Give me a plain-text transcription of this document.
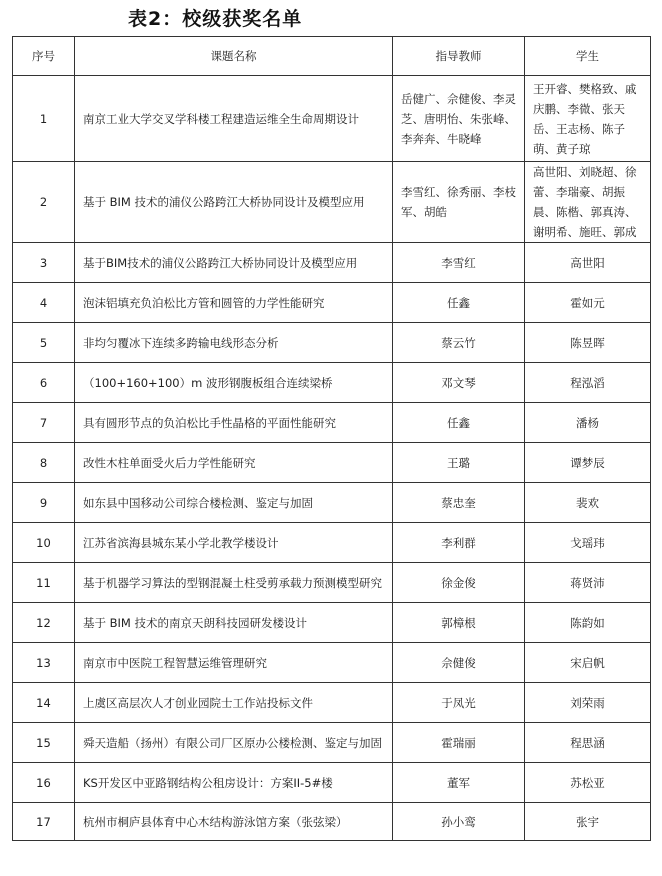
表2：校级获奖名单
序号	课题名称	指导教师	学生
1	南京工业大学交叉学科楼工程建造运维全生命周期设计	岳健广、佘健俊、李灵芝、唐明怡、朱张峰、李奔奔、牛晓峰	王开睿、樊格致、戚庆鹏、李微、张天岳、王志杨、陈子萌、黄子琼
2	基于 BIM 技术的浦仪公路跨江大桥协同设计及模型应用	李雪红、徐秀丽、李枝军、胡皓	高世阳、刘晓超、徐蕾、李瑞豪、胡振晨、陈楷、郭真涛、谢明希、施旺、郭成
3	基于BIM技术的浦仪公路跨江大桥协同设计及模型应用	李雪红	高世阳
4	泡沫铝填充负泊松比方管和圆管的力学性能研究	任鑫	霍如元
5	非均匀覆冰下连续多跨输电线形态分析	蔡云竹	陈昱晖
6	（100+160+100）m 波形钢腹板组合连续梁桥	邓文琴	程泓滔
7	具有圆形节点的负泊松比手性晶格的平面性能研究	任鑫	潘杨
8	改性木柱单面受火后力学性能研究	王璐	谭梦辰
9	如东县中国移动公司综合楼检测、鉴定与加固	蔡忠奎	裴欢
10	江苏省滨海县城东某小学北教学楼设计	李利群	戈瑶玮
11	基于机器学习算法的型钢混凝土柱受剪承载力预测模型研究	徐金俊	蒋贤沛
12	基于 BIM 技术的南京天朗科技园研发楼设计	郭樟根	陈韵如
13	南京市中医院工程智慧运维管理研究	佘健俊	宋启帆
14	上虞区高层次人才创业园院士工作站投标文件	于凤光	刘荣雨
15	舜天造船（扬州）有限公司厂区原办公楼检测、鉴定与加固	霍瑞丽	程思涵
16	KS开发区中亚路钢结构公租房设计：方案II-5#楼	董军	苏松亚
17	杭州市桐庐县体育中心木结构游泳馆方案（张弦梁）	孙小鸾	张宇
